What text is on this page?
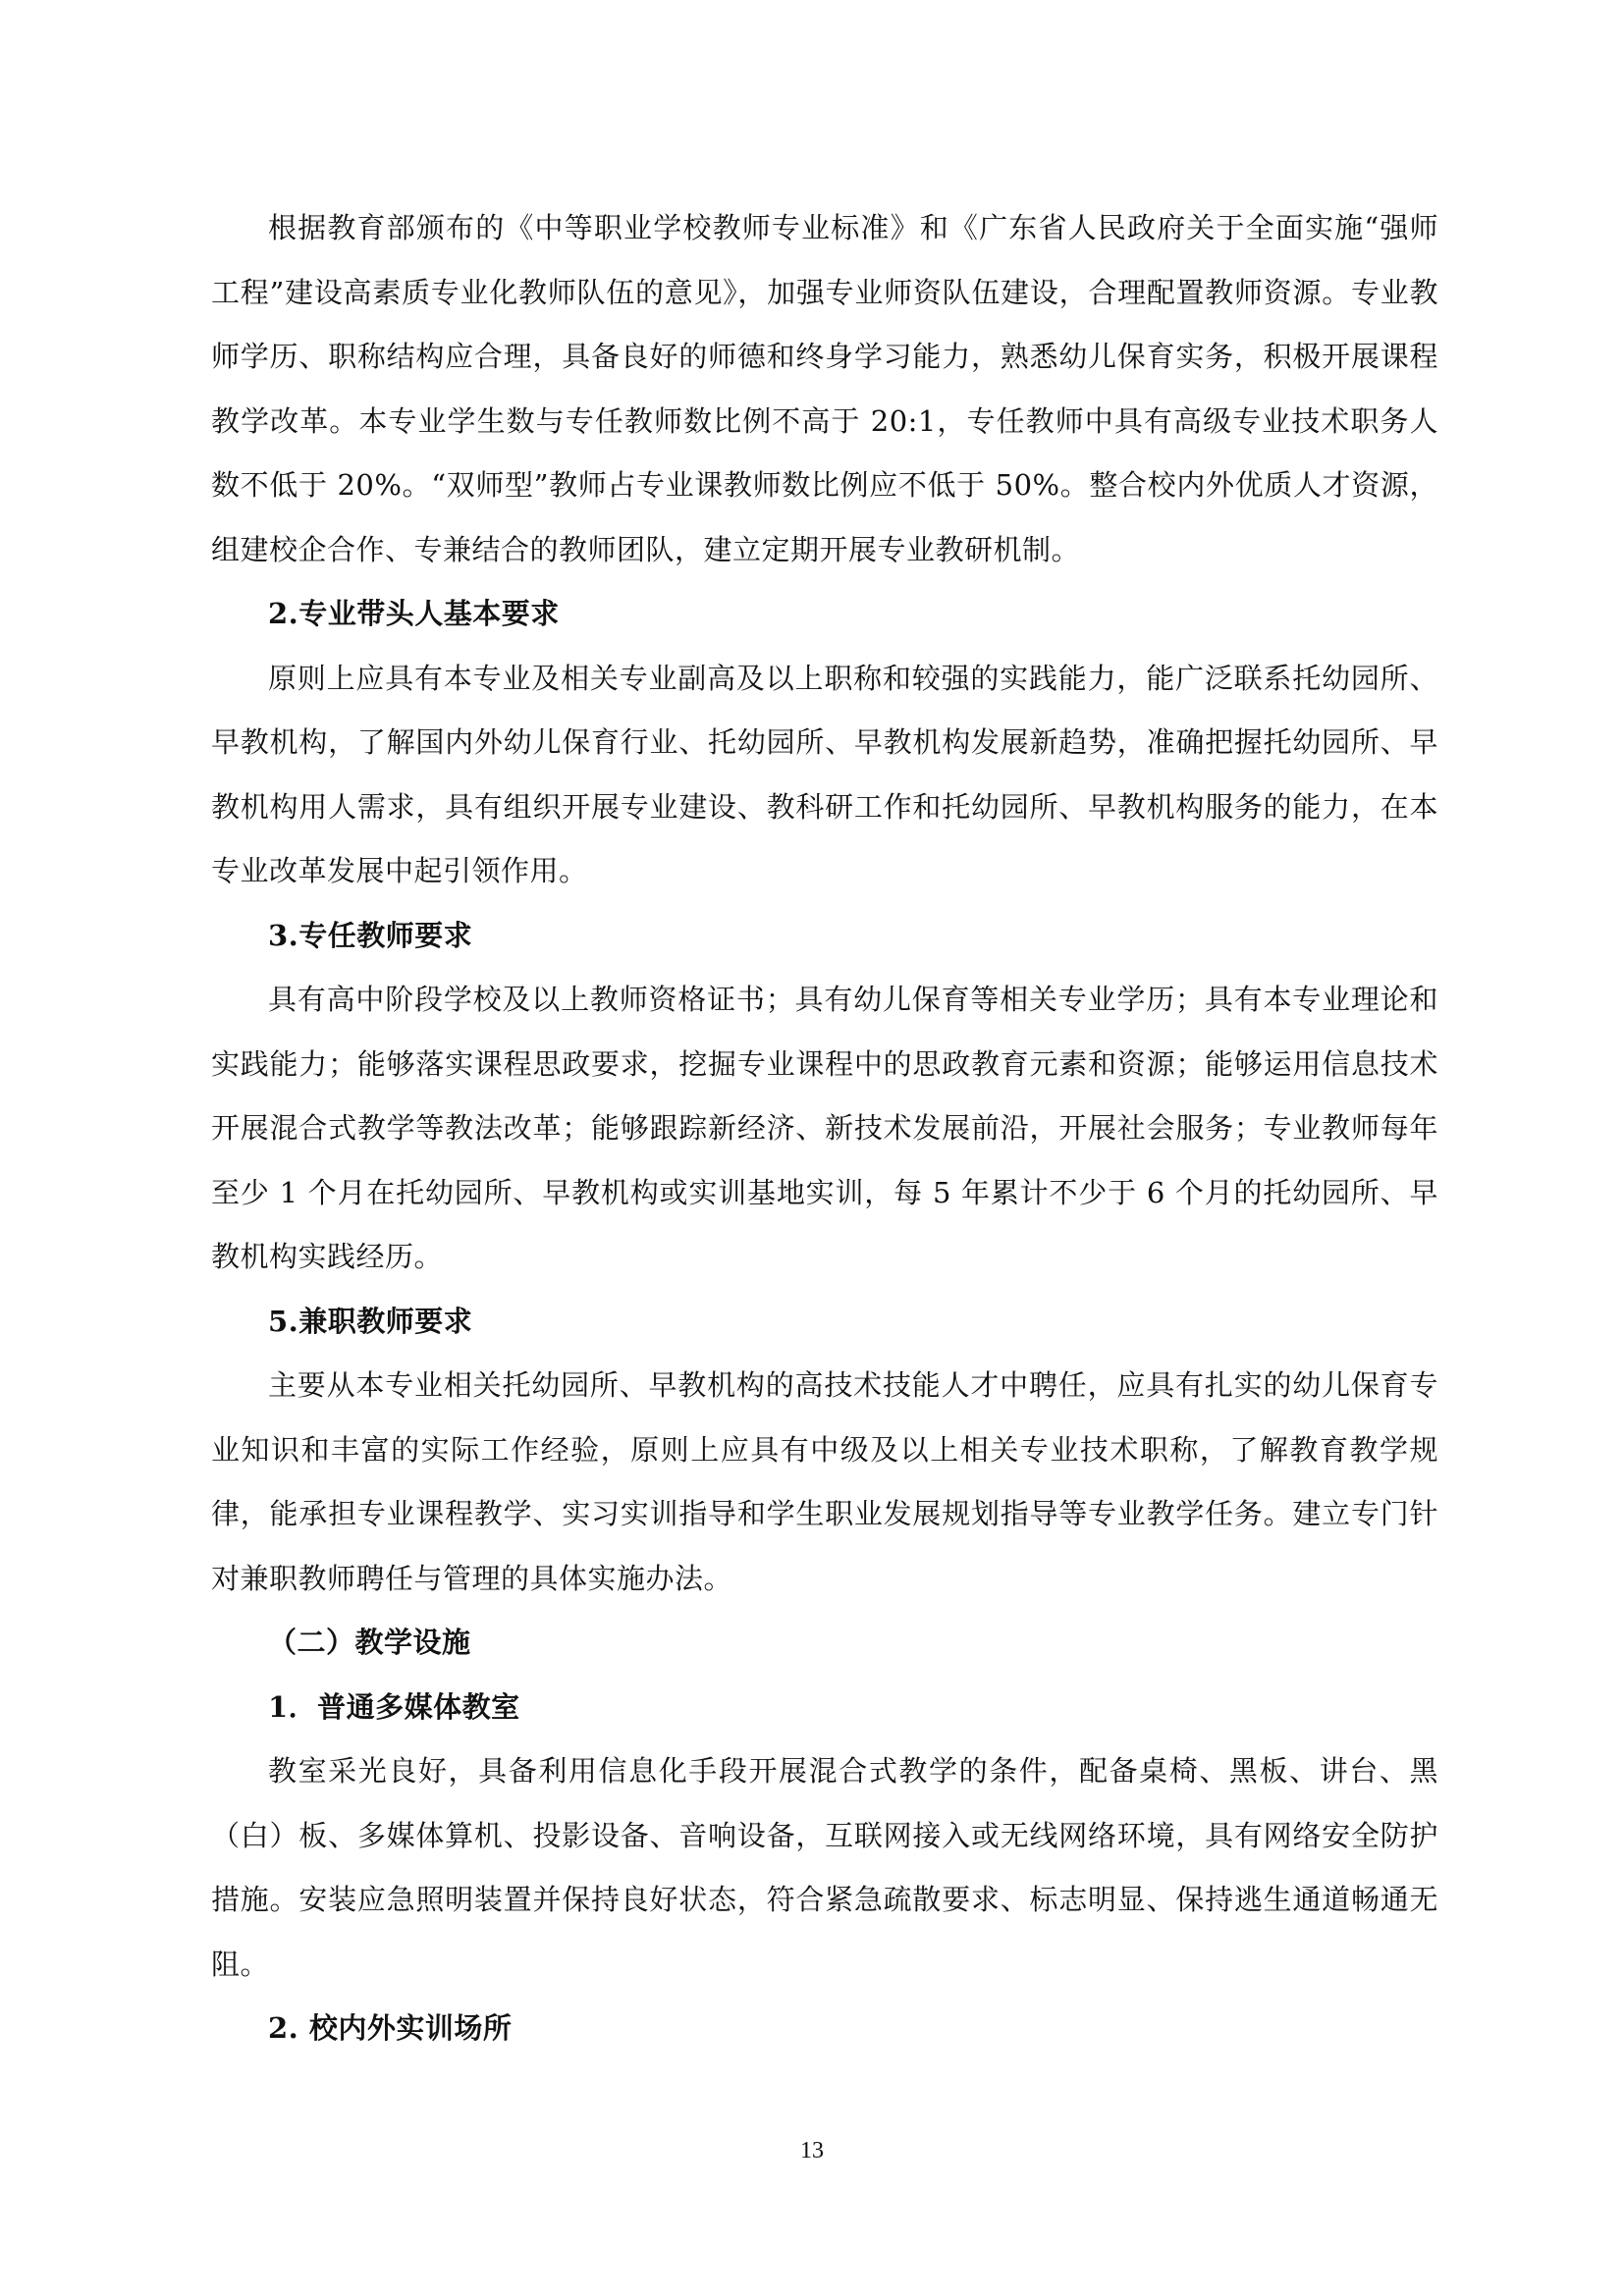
根据教育部颁布的《中等职业学校教师专业标准》和《广东省人民政府关于全面实施“强师工程”建设高素质专业化教师队伍的意见》，加强专业师资队伍建设，合理配置教师资源。专业教师学历、职称结构应合理，具备良好的师德和终身学习能力，熟悉幼儿保育实务，积极开展课程教学改革。本专业学生数与专任教师数比例不高于 20:1，专任教师中具有高级专业技术职务人数不低于 20%。“双师型”教师占专业课教师数比例应不低于 50%。整合校内外优质人才资源，组建校企合作、专兼结合的教师团队，建立定期开展专业教研机制。

2.专业带头人基本要求

原则上应具有本专业及相关专业副高及以上职称和较强的实践能力，能广泛联系托幼园所、早教机构，了解国内外幼儿保育行业、托幼园所、早教机构发展新趋势，准确把握托幼园所、早教机构用人需求，具有组织开展专业建设、教科研工作和托幼园所、早教机构服务的能力，在本专业改革发展中起引领作用。

3.专任教师要求

具有高中阶段学校及以上教师资格证书；具有幼儿保育等相关专业学历；具有本专业理论和实践能力；能够落实课程思政要求，挖掘专业课程中的思政教育元素和资源；能够运用信息技术开展混合式教学等教法改革；能够跟踪新经济、新技术发展前沿，开展社会服务；专业教师每年至少 1 个月在托幼园所、早教机构或实训基地实训，每 5 年累计不少于 6 个月的托幼园所、早教机构实践经历。

5.兼职教师要求

主要从本专业相关托幼园所、早教机构的高技术技能人才中聘任，应具有扎实的幼儿保育专业知识和丰富的实际工作经验，原则上应具有中级及以上相关专业技术职称，了解教育教学规律，能承担专业课程教学、实习实训指导和学生职业发展规划指导等专业教学任务。建立专门针对兼职教师聘任与管理的具体实施办法。

（二）教学设施

1．普通多媒体教室

教室采光良好，具备利用信息化手段开展混合式教学的条件，配备桌椅、黑板、讲台、黑（白）板、多媒体算机、投影设备、音响设备，互联网接入或无线网络环境，具有网络安全防护措施。安装应急照明装置并保持良好状态，符合紧急疏散要求、标志明显、保持逃生通道畅通无阻。

2. 校内外实训场所

13
